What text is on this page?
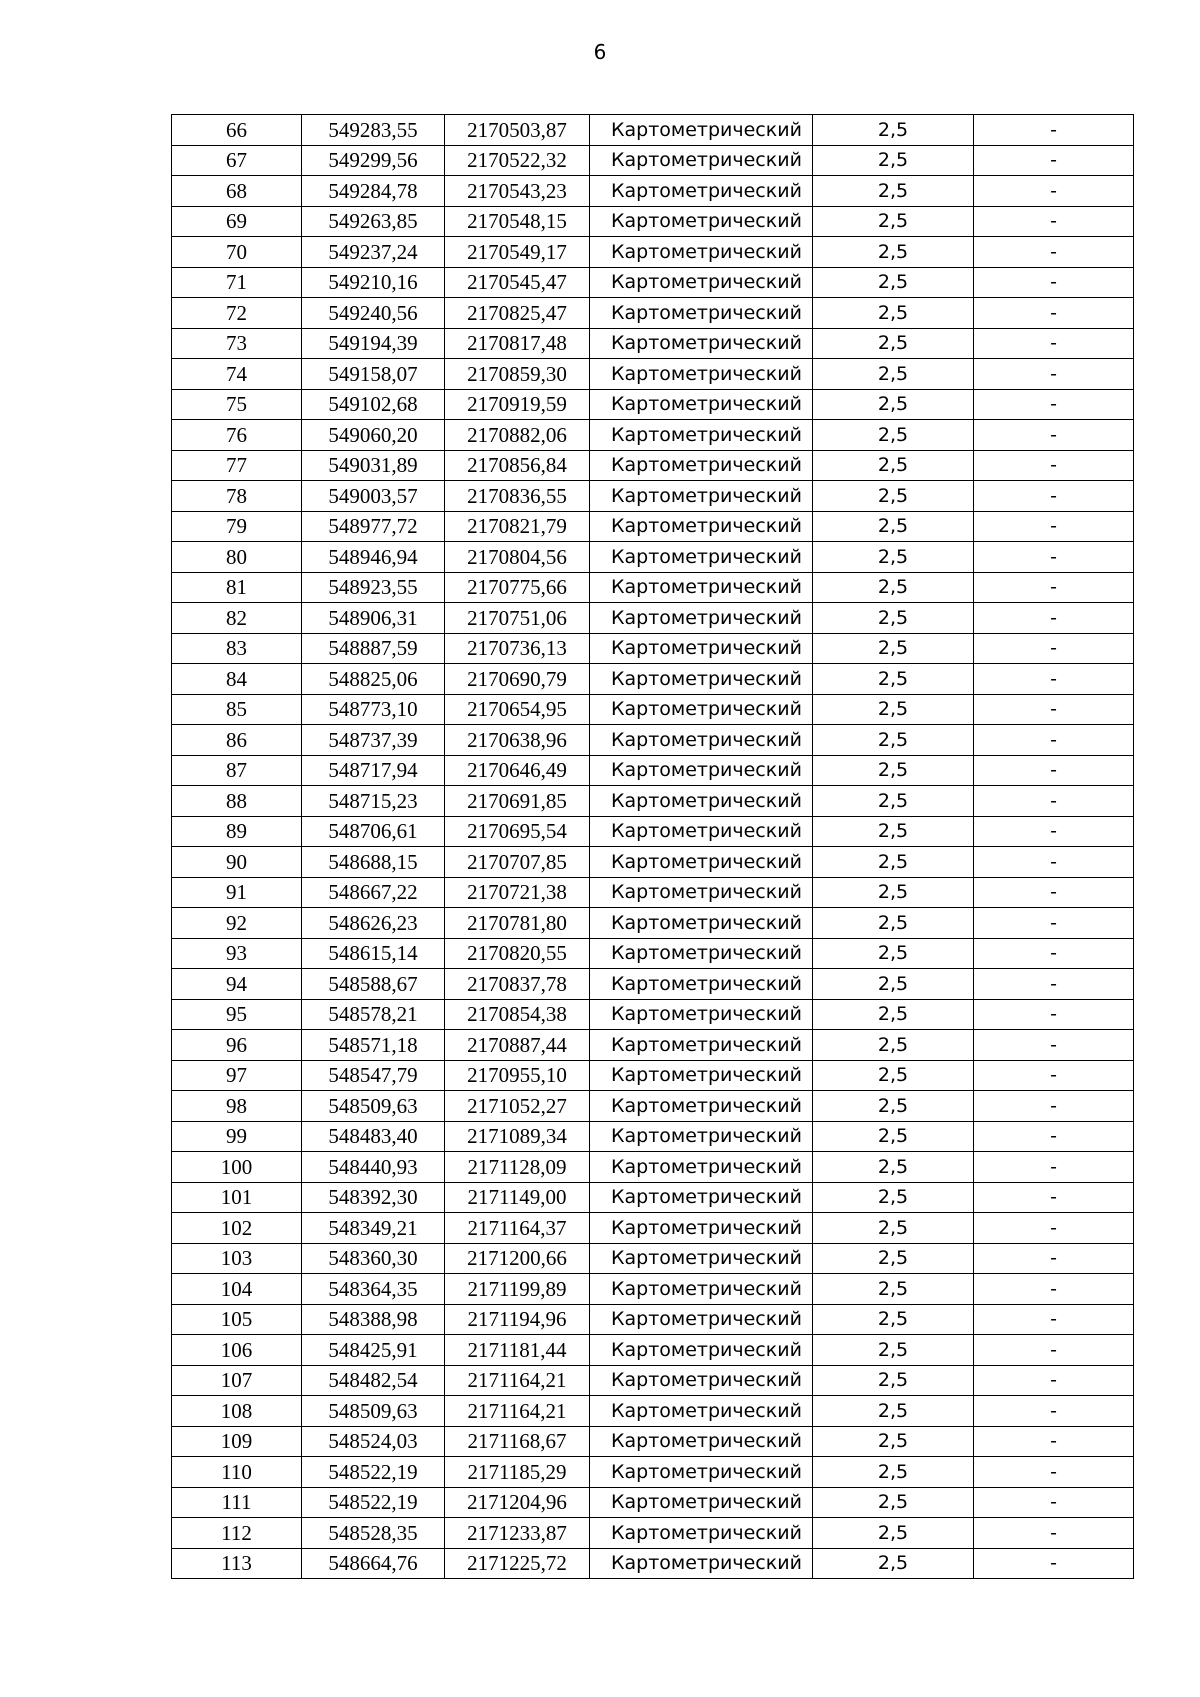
6
66	549283,55	2170503,87	Картометрический	2,5	-
67	549299,56	2170522,32	Картометрический	2,5	-
68	549284,78	2170543,23	Картометрический	2,5	-
69	549263,85	2170548,15	Картометрический	2,5	-
70	549237,24	2170549,17	Картометрический	2,5	-
71	549210,16	2170545,47	Картометрический	2,5	-
72	549240,56	2170825,47	Картометрический	2,5	-
73	549194,39	2170817,48	Картометрический	2,5	-
74	549158,07	2170859,30	Картометрический	2,5	-
75	549102,68	2170919,59	Картометрический	2,5	-
76	549060,20	2170882,06	Картометрический	2,5	-
77	549031,89	2170856,84	Картометрический	2,5	-
78	549003,57	2170836,55	Картометрический	2,5	-
79	548977,72	2170821,79	Картометрический	2,5	-
80	548946,94	2170804,56	Картометрический	2,5	-
81	548923,55	2170775,66	Картометрический	2,5	-
82	548906,31	2170751,06	Картометрический	2,5	-
83	548887,59	2170736,13	Картометрический	2,5	-
84	548825,06	2170690,79	Картометрический	2,5	-
85	548773,10	2170654,95	Картометрический	2,5	-
86	548737,39	2170638,96	Картометрический	2,5	-
87	548717,94	2170646,49	Картометрический	2,5	-
88	548715,23	2170691,85	Картометрический	2,5	-
89	548706,61	2170695,54	Картометрический	2,5	-
90	548688,15	2170707,85	Картометрический	2,5	-
91	548667,22	2170721,38	Картометрический	2,5	-
92	548626,23	2170781,80	Картометрический	2,5	-
93	548615,14	2170820,55	Картометрический	2,5	-
94	548588,67	2170837,78	Картометрический	2,5	-
95	548578,21	2170854,38	Картометрический	2,5	-
96	548571,18	2170887,44	Картометрический	2,5	-
97	548547,79	2170955,10	Картометрический	2,5	-
98	548509,63	2171052,27	Картометрический	2,5	-
99	548483,40	2171089,34	Картометрический	2,5	-
100	548440,93	2171128,09	Картометрический	2,5	-
101	548392,30	2171149,00	Картометрический	2,5	-
102	548349,21	2171164,37	Картометрический	2,5	-
103	548360,30	2171200,66	Картометрический	2,5	-
104	548364,35	2171199,89	Картометрический	2,5	-
105	548388,98	2171194,96	Картометрический	2,5	-
106	548425,91	2171181,44	Картометрический	2,5	-
107	548482,54	2171164,21	Картометрический	2,5	-
108	548509,63	2171164,21	Картометрический	2,5	-
109	548524,03	2171168,67	Картометрический	2,5	-
110	548522,19	2171185,29	Картометрический	2,5	-
111	548522,19	2171204,96	Картометрический	2,5	-
112	548528,35	2171233,87	Картометрический	2,5	-
113	548664,76	2171225,72	Картометрический	2,5	-
